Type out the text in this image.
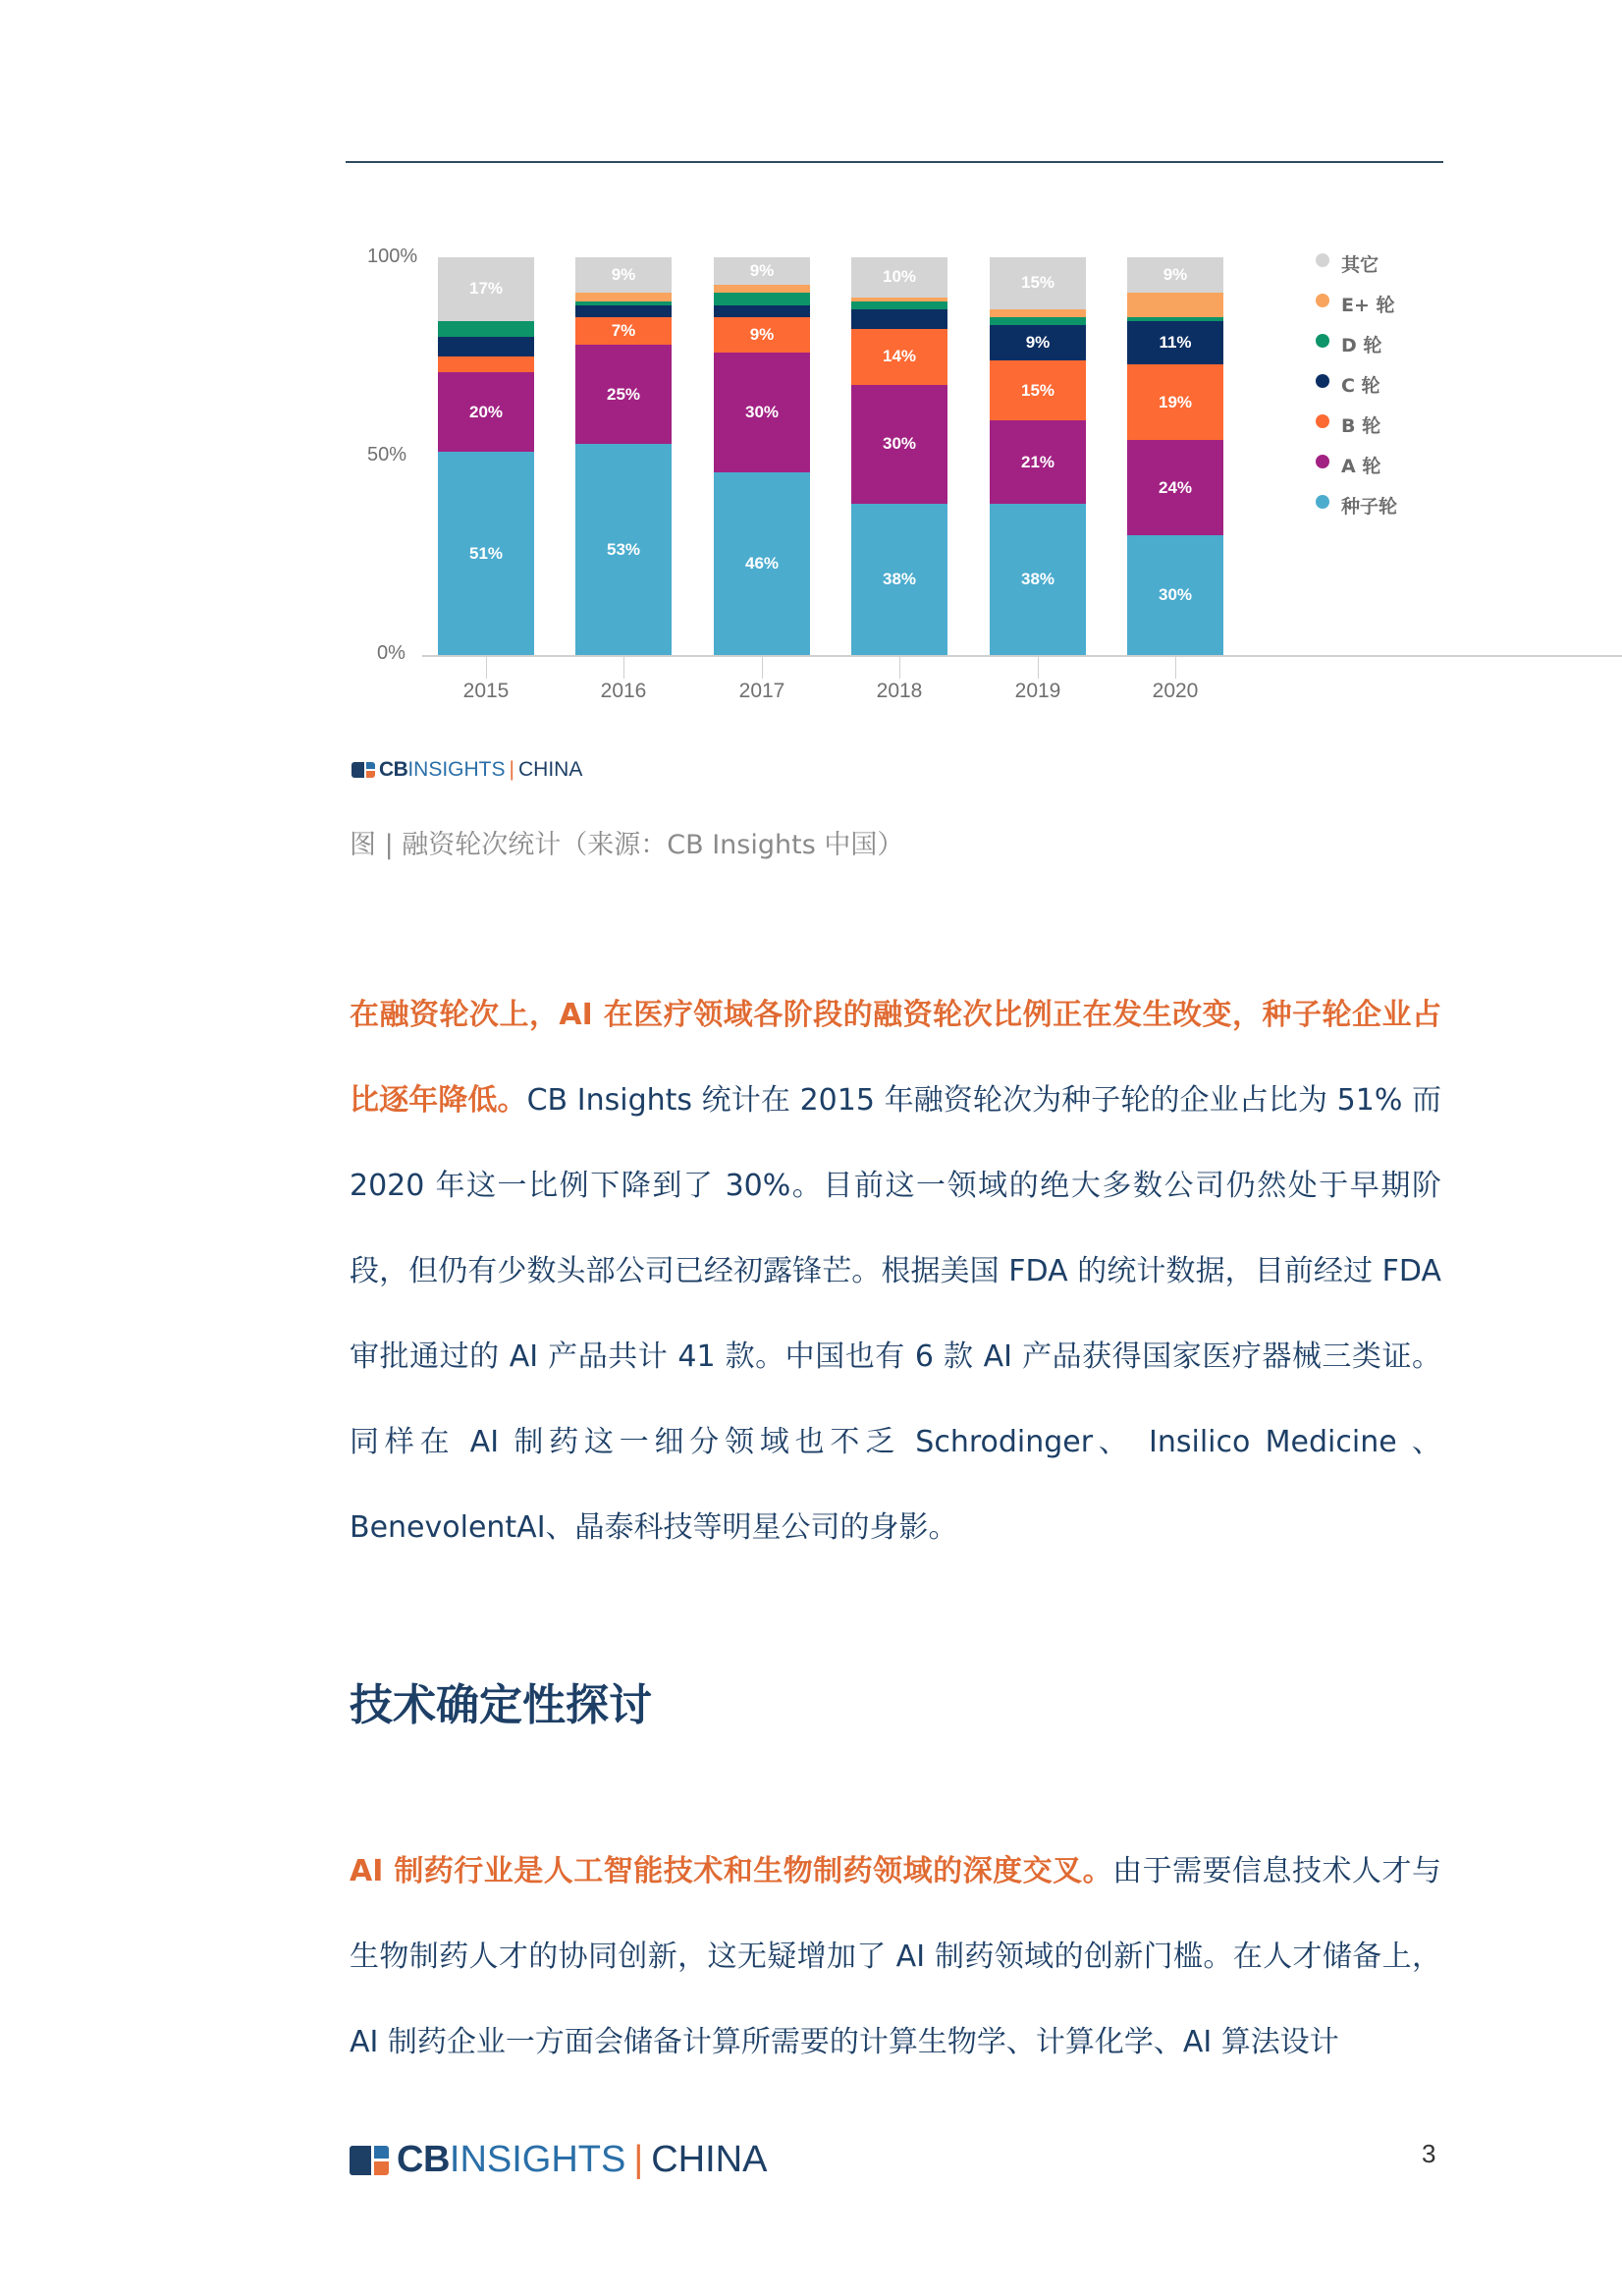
100%
50%
0%
17%
20%
51%
2015
9%
7%
25%
53%
2016
9%
9%
30%
46%
2017
10%
14%
30%
38%
2018
15%
9%
15%
21%
38%
2019
9%
11%
19%
24%
30%
2020
其它
E+ 轮
D 轮
C 轮
B 轮
A 轮
种子轮
CB INSIGHTS | CHINA
图 | 融资轮次统计（来源：CB Insights 中国）
在融资轮次上，AI 在医疗领域各阶段的融资轮次比例正在发生改变，种子轮企业占比逐年降低。CB Insights 统计在 2015 年融资轮次为种子轮的企业占比为 51% 而 2020 年这一比例下降到了 30%。目前这一领域的绝大多数公司仍然处于早期阶段，但仍有少数头部公司已经初露锋芒。根据美国 FDA 的统计数据，目前经过 FDA 审批通过的 AI 产品共计 41 款。中国也有 6 款 AI 产品获得国家医疗器械三类证。同样在 AI 制药这一细分领域也不乏 Schrodinger、 Insilico Medicine 、BenevolentAI、晶泰科技等明星公司的身影。
技术确定性探讨
AI 制药行业是人工智能技术和生物制药领域的深度交叉。由于需要信息技术人才与生物制药人才的协同创新，这无疑增加了 AI 制药领域的创新门槛。在人才储备上，AI 制药企业一方面会储备计算所需要的计算生物学、计算化学、AI 算法设计
CB INSIGHTS | CHINA	3
